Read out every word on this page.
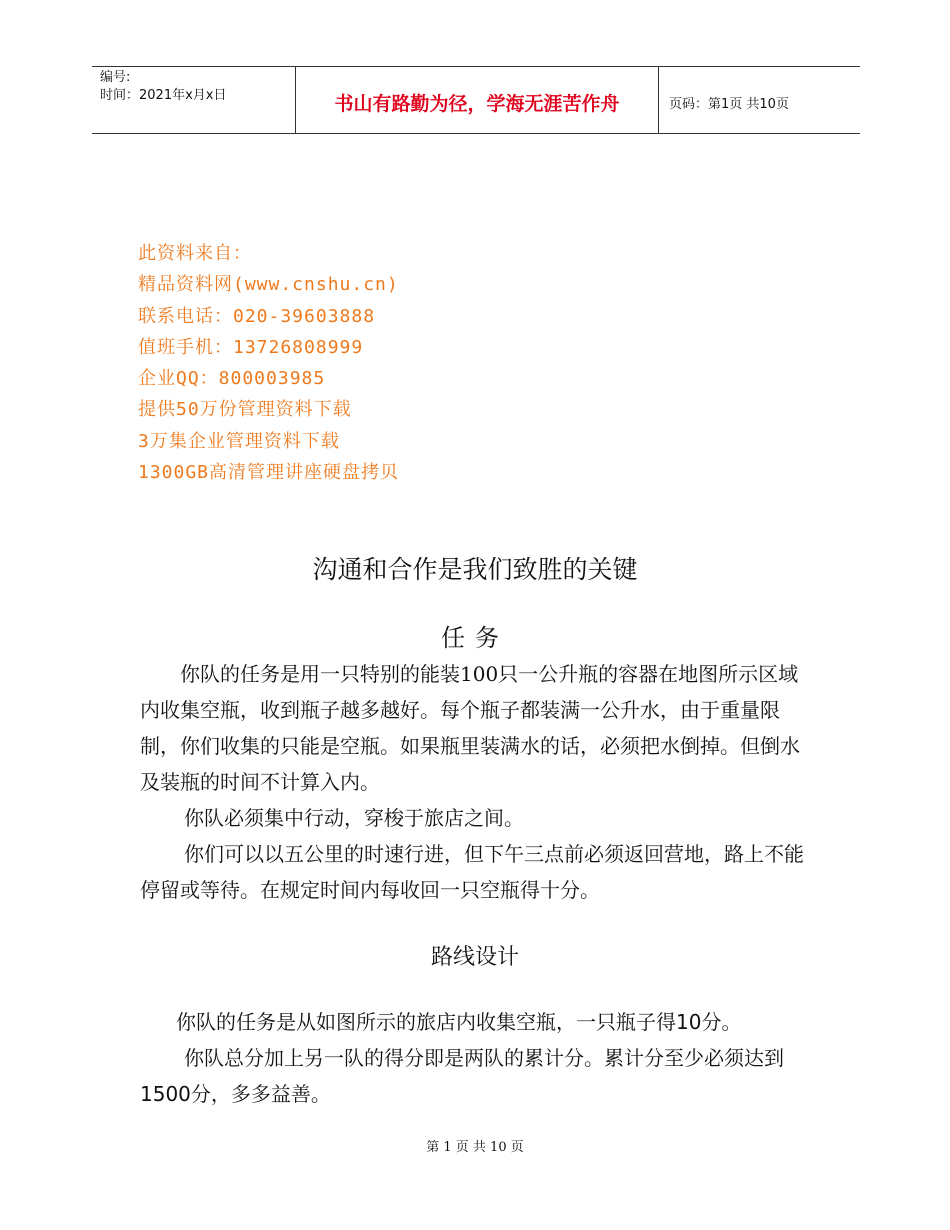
编号:
时间：2021年x月x日	书山有路勤为径，学海无涯苦作舟	页码：第1页 共10页
此资料来自：
精品资料网(www.cnshu.cn)
联系电话：020-39603888
值班手机：13726808999
企业QQ：800003985
提供50万份管理资料下载
3万集企业管理资料下载
1300GB高清管理讲座硬盘拷贝
沟通和合作是我们致胜的关键
任务
你队的任务是用一只特别的能装100只一公升瓶的容器在地图所示区域内收集空瓶，收到瓶子越多越好。每个瓶子都装满一公升水，由于重量限制，你们收集的只能是空瓶。如果瓶里装满水的话，必须把水倒掉。但倒水及装瓶的时间不计算入内。
你队必须集中行动，穿梭于旅店之间。
你们可以以五公里的时速行进，但下午三点前必须返回营地，路上不能停留或等待。在规定时间内每收回一只空瓶得十分。
路线设计
你队的任务是从如图所示的旅店内收集空瓶，一只瓶子得10分。
你队总分加上另一队的得分即是两队的累计分。累计分至少必须达到1500分，多多益善。
第 1 页 共 10 页
